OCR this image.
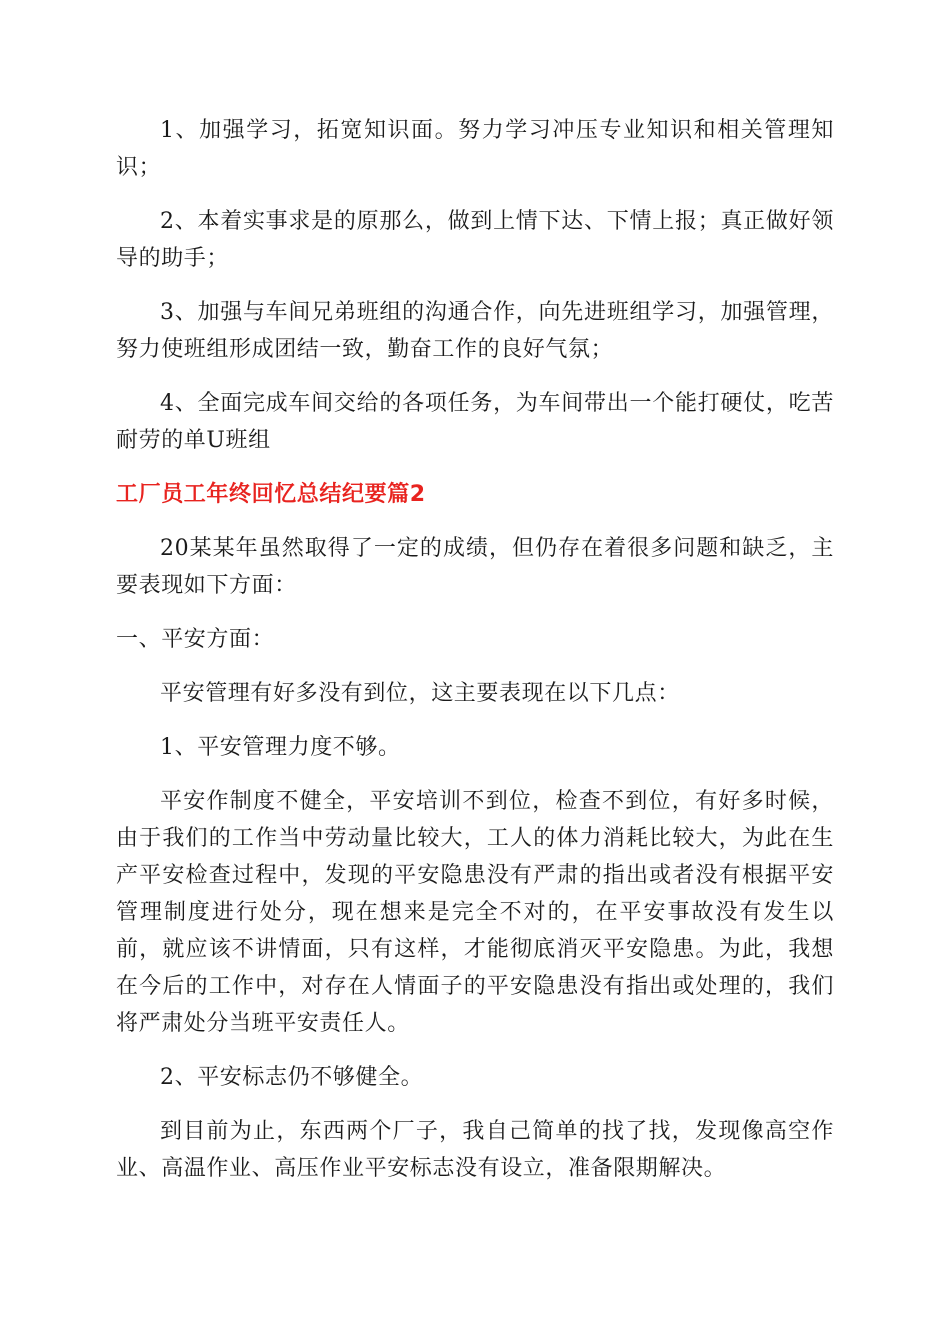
1、加强学习，拓宽知识面。努力学习冲压专业知识和相关管理知识；

2、本着实事求是的原那么，做到上情下达、下情上报；真正做好领导的助手；

3、加强与车间兄弟班组的沟通合作，向先进班组学习，加强管理，努力使班组形成团结一致，勤奋工作的良好气氛；

4、全面完成车间交给的各项任务，为车间带出一个能打硬仗，吃苦耐劳的单U班组

工厂员工年终回忆总结纪要篇2

20某某年虽然取得了一定的成绩，但仍存在着很多问题和缺乏，主要表现如下方面：

一、平安方面：

平安管理有好多没有到位，这主要表现在以下几点：

1、平安管理力度不够。

平安作制度不健全，平安培训不到位，检查不到位，有好多时候，由于我们的工作当中劳动量比较大，工人的体力消耗比较大，为此在生产平安检查过程中，发现的平安隐患没有严肃的指出或者没有根据平安管理制度进行处分，现在想来是完全不对的，在平安事故没有发生以前，就应该不讲情面，只有这样，才能彻底消灭平安隐患。为此，我想在今后的工作中，对存在人情面子的平安隐患没有指出或处理的，我们将严肃处分当班平安责任人。

2、平安标志仍不够健全。

到目前为止，东西两个厂子，我自己简单的找了找，发现像高空作业、高温作业、高压作业平安标志没有设立，准备限期解决。
